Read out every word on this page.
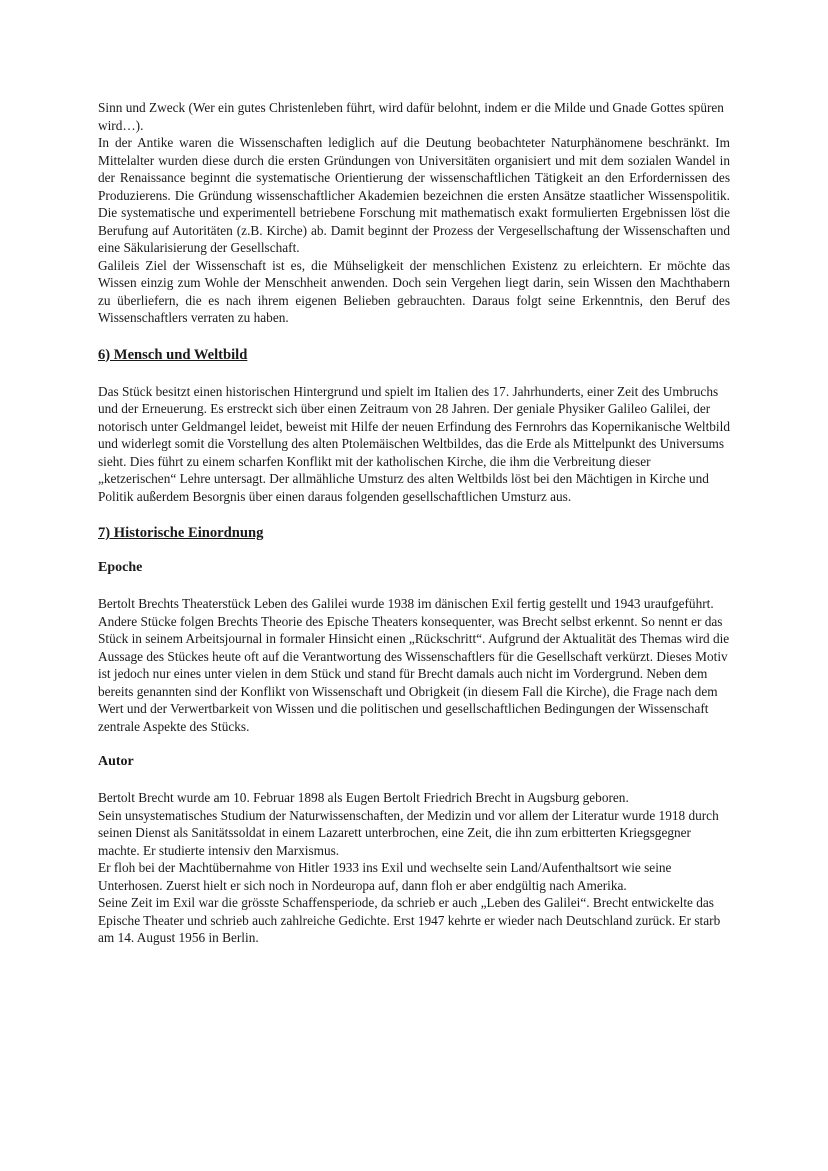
Sinn und Zweck (Wer ein gutes Christenleben führt, wird dafür belohnt, indem er die Milde und Gnade Gottes spüren wird…).

In der Antike waren die Wissenschaften lediglich auf die Deutung beobachteter Naturphänomene beschränkt. Im Mittelalter wurden diese durch die ersten Gründungen von Universitäten organisiert und mit dem sozialen Wandel in der Renaissance beginnt die systematische Orientierung der wissenschaftlichen Tätigkeit an den Erfordernissen des Produzierens. Die Gründung wissenschaftlicher Akademien bezeichnen die ersten Ansätze staatlicher Wissenspolitik. Die systematische und experimentell betriebene Forschung mit mathematisch exakt formulierten Ergebnissen löst die Berufung auf Autoritäten (z.B. Kirche) ab. Damit beginnt der Prozess der Vergesellschaftung der Wissenschaften und eine Säkularisierung der Gesellschaft.

Galileis Ziel der Wissenschaft ist es, die Mühseligkeit der menschlichen Existenz zu erleichtern. Er möchte das Wissen einzig zum Wohle der Menschheit anwenden. Doch sein Vergehen liegt darin, sein Wissen den Machthabern zu überliefern, die es nach ihrem eigenen Belieben gebrauchten. Daraus folgt seine Erkenntnis, den Beruf des Wissenschaftlers verraten zu haben.

6) Mensch und Weltbild

Das Stück besitzt einen historischen Hintergrund und spielt im Italien des 17. Jahrhunderts, einer Zeit des Umbruchs und der Erneuerung. Es erstreckt sich über einen Zeitraum von 28 Jahren. Der geniale Physiker Galileo Galilei, der notorisch unter Geldmangel leidet, beweist mit Hilfe der neuen Erfindung des Fernrohrs das Kopernikanische Weltbild und widerlegt somit die Vorstellung des alten Ptolemäischen Weltbildes, das die Erde als Mittelpunkt des Universums sieht. Dies führt zu einem scharfen Konflikt mit der katholischen Kirche, die ihm die Verbreitung dieser „ketzerischen“ Lehre untersagt. Der allmähliche Umsturz des alten Weltbilds löst bei den Mächtigen in Kirche und Politik außerdem Besorgnis über einen daraus folgenden gesellschaftlichen Umsturz aus.

7) Historische Einordnung
Epoche

Bertolt Brechts Theaterstück Leben des Galilei wurde 1938 im dänischen Exil fertig gestellt und 1943 uraufgeführt. Andere Stücke folgen Brechts Theorie des Epische Theaters konsequenter, was Brecht selbst erkennt. So nennt er das Stück in seinem Arbeitsjournal in formaler Hinsicht einen „Rückschritt“. Aufgrund der Aktualität des Themas wird die Aussage des Stückes heute oft auf die Verantwortung des Wissenschaftlers für die Gesellschaft verkürzt. Dieses Motiv ist jedoch nur eines unter vielen in dem Stück und stand für Brecht damals auch nicht im Vordergrund. Neben dem bereits genannten sind der Konflikt von Wissenschaft und Obrigkeit (in diesem Fall die Kirche), die Frage nach dem Wert und der Verwertbarkeit von Wissen und die politischen und gesellschaftlichen Bedingungen der Wissenschaft zentrale Aspekte des Stücks.

Autor

Bertolt Brecht wurde am 10. Februar 1898 als Eugen Bertolt Friedrich Brecht in Augsburg geboren.

Sein unsystematisches Studium der Naturwissenschaften, der Medizin und vor allem der Literatur wurde 1918 durch seinen Dienst als Sanitätssoldat in einem Lazarett unterbrochen, eine Zeit, die ihn zum erbitterten Kriegsgegner machte. Er studierte intensiv den Marxismus.

Er floh bei der Machtübernahme von Hitler 1933 ins Exil und wechselte sein Land/Aufenthaltsort wie seine Unterhosen. Zuerst hielt er sich noch in Nordeuropa auf, dann floh er aber endgültig nach Amerika.

Seine Zeit im Exil war die grösste Schaffensperiode, da schrieb er auch „Leben des Galilei“. Brecht entwickelte das Epische Theater und schrieb auch zahlreiche Gedichte. Erst 1947 kehrte er wieder nach Deutschland zurück. Er starb am 14. August 1956 in Berlin.
